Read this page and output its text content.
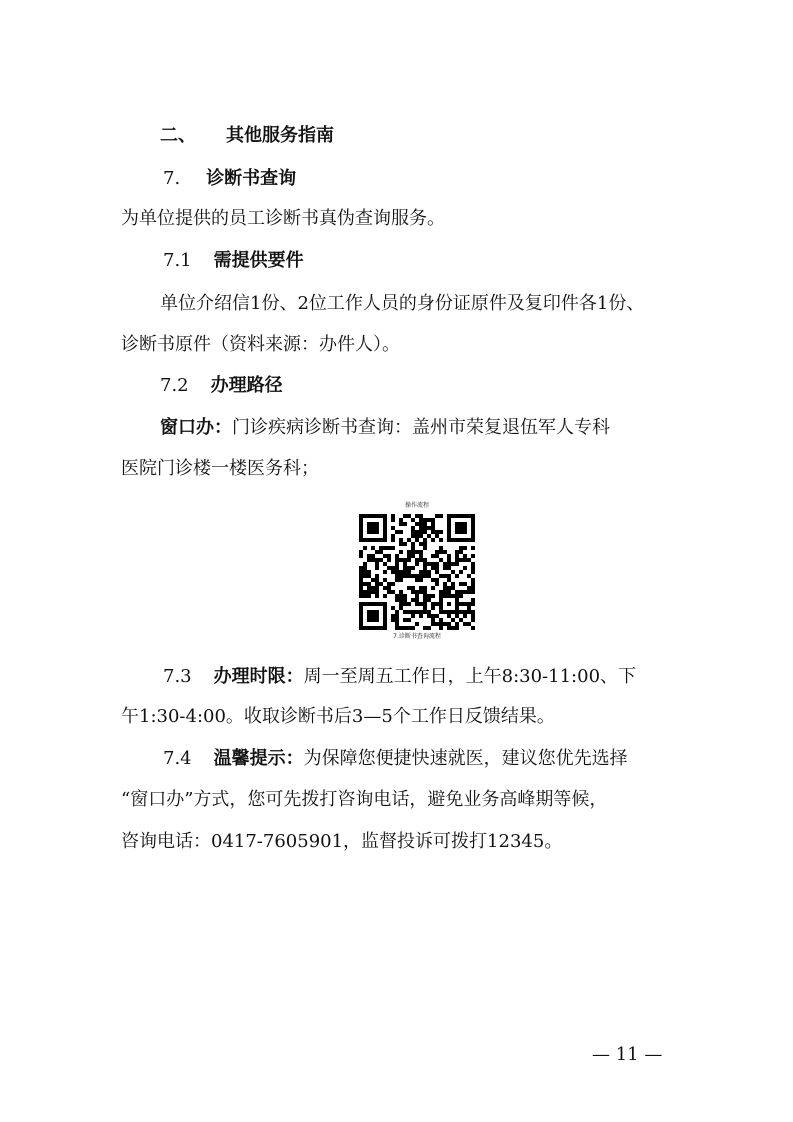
二、 其他服务指南
7. 诊断书查询
为单位提供的员工诊断书真伪查询服务。
7.1 需提供要件
单位介绍信1份、2位工作人员的身份证原件及复印件各1份、
诊断书原件（资料来源：办件人）。
7.2 办理路径
窗口办：门诊疾病诊断书查询：盖州市荣复退伍军人专科
医院门诊楼一楼医务科；
操作流程
7.诊断书查询流程
7.3 办理时限：周一至周五工作日，上午8:30-11:00、下
午1:30-4:00。收取诊断书后3—5个工作日反馈结果。
7.4 温馨提示：为保障您便捷快速就医，建议您优先选择
“窗口办”方式，您可先拨打咨询电话，避免业务高峰期等候，
咨询电话：0417-7605901，监督投诉可拨打12345。
— 11 —
